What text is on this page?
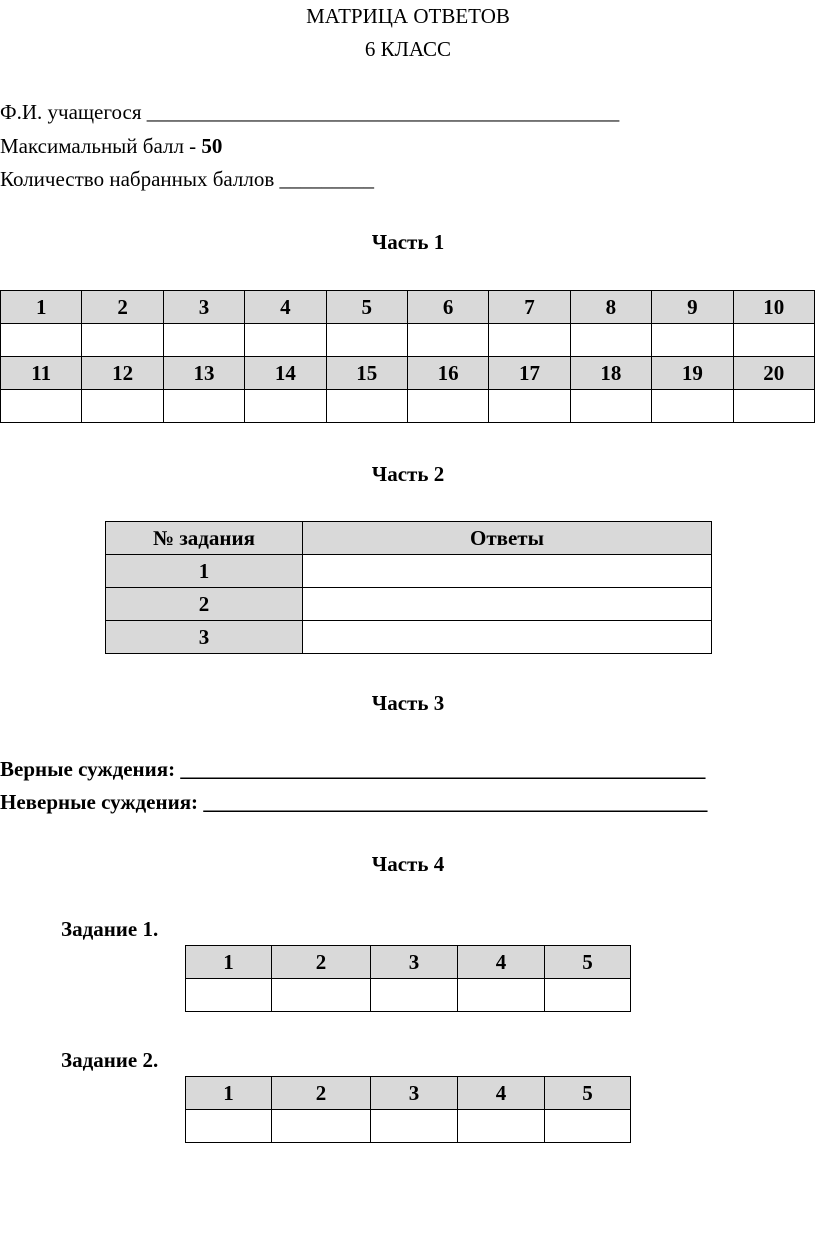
МАТРИЦА ОТВЕТОВ
6 КЛАСС
Ф.И. учащегося _____________________________________________
Максимальный балл - 50
Количество набранных баллов _________
Часть 1
1	2	3	4	5	6	7	8	9	10

11	12	13	14	15	16	17	18	19	20

Часть 2
№ задания	Ответы
1	
2	
3	
Часть 3
Верные суждения: __________________________________________________
Неверные суждения: ________________________________________________
Часть 4
Задание 1.
1	2	3	4	5

Задание 2.
1	2	3	4	5
